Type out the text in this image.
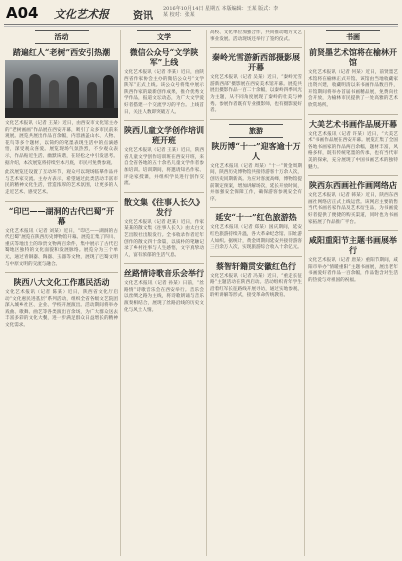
A04 文化艺术报 资讯
2016年10月14日 星期五 本版编辑：王某 版式：李某 校对：张某
活动
踏遍红人“老树”西安引热潮

文化艺术报讯（记者 王某）近日，由西安市文化馆主办的“老树画画”作品展在西安开幕，吸引了众多市民前来观展。展览共展出作品百余幅，内容涵盖山水、人物、花鸟等多个题材，以简约的笔墨表现生活中的点滴感悟，深受观众喜爱。展览现场气氛热烈，不少观众表示，作品贴近生活、幽默诙谐，在轻松之中引发思考。据介绍，本次展览将持续至本月底，市民可免费参观。

此次展览还设置了互动环节，观众可以现场临摹作品并与艺术家交流。主办方表示，希望通过此类活动丰富市民的精神文化生活，营造浓厚的艺术氛围，让更多的人走近艺术、感受艺术。

“印巴——湖洞的古代巴蜀”开幕

文化艺术报讯（记者 刘某）近日，“印巴——湖洞的古代巴蜀”展览在陕西历史博物馆开幕。展览汇集了四川、重庆等地出土的珍贵文物两百余件，集中展示了古代巴蜀地区独特的文化面貌和发展脉络。展览分为三个单元，通过青铜器、陶器、玉器等文物，展现了巴蜀文明与中原文明的交流与融合。

陕西八大文化工作惠民活动

文化艺术报讯（记者 陈某）近日，陕西省文化厅启动“文化惠民进基层”系列活动，组织全省各级文艺院团深入城乡社区、企业、学校开展演出。活动期间将举办戏曲、歌舞、曲艺等各类演出百余场，为广大群众送去丰富多彩的文化大餐，进一步满足群众日益增长的精神文化需求。

文学
微信公众号“文学陕军”上线

文化艺术报讯（记者 李某）近日，由陕西省作家协会主办的微信公众号“文学陕军”正式上线。该公众号将集中展示陕西作家的最新创作成果，推介优秀文学作品，报道文坛动态，为广大文学爱好者搭建一个交流学习的平台。上线首日，关注人数即突破万人。

陕西儿童文学创作培训班开班

文化艺术报讯（记者 王某）近日，陕西省儿童文学创作培训班在西安开班，来自全省各地的五十余名儿童文学作者参加培训。培训期间，将邀请知名作家、评论家授课，并组织学员进行创作交流。

散文集《往事人长久》发行

文化艺术报讯（记者 赵某）近日，作家某某的散文集《往事人长久》由太白文艺出版社出版发行。全书收录作者近年创作的散文四十余篇，以质朴的笔触记录了乡村往事与人生感悟，文字真挚动人，富有浓郁的生活气息。

丝路情诗歌音乐会举行

文化艺术报讯（记者 孙某）日前，“丝路情”诗歌音乐会在西安举行。音乐会以丝绸之路为主线，将诗歌朗诵与音乐演奏相结合，展现了丝路沿线的历史文化与风土人情。

高校、文化单位加强合作，共同推动地方文艺事业发展。活动现场还举行了签约仪式。

秦岭光雪游新西部摄影展开幕

文化艺术报讯（记者 吴某）近日，“秦岭光雪游新西部”摄影展在西安美术馆开幕。展览共展出摄影作品一百二十余幅，以秦岭四季风光为主题，从不同角度展现了秦岭的壮美与神秀。参展作者既有专业摄影师，也有摄影爱好者。

旅游
陕历博“十一”迎客逾十万人

文化艺术报讯（记者 周某）“十一”黄金周期间，陕西历史博物馆共接待游客十万余人次，创历史同期新高。为应对客流高峰，博物馆提前制定预案，增加讲解场次，延长开放时间，并加强安全保障工作，确保游客参观安全有序。

延安“十一”红色旅游热

文化艺术报讯（记者 郑某）国庆期间，延安红色旅游持续升温，各大革命纪念馆、旧址游人如织。据统计，黄金周期间延安共接待游客三百余万人次，实现旅游综合收入十余亿元。

蔡智轩籍贯安徽红色行

文化艺术报讯（记者 冯某）近日，“重走长征路”主题活动在陕西启动。活动组织青年学生沿着红军长征路线开展寻访，通过实地参观、聆听讲解等形式，接受革命传统教育。

书画
前贤墨艺术馆将在榆林开馆

文化艺术报讯（记者 何某）近日，前贤墨艺术馆将在榆林正式开馆。该馆由当地收藏家出资兴建，收藏明清以来书画作品数百件，开馆期间将举办首届书画精品展，免费向社会开放，为榆林市民提供了一处高雅的艺术欣赏场所。

大美艺术书画作品展开幕

文化艺术报讯（记者 许某）近日，“大美艺术”书画作品展在西安开幕。展览汇集了全国各地书画家的作品两百余幅，题材丰富，风格多样，既有传统笔墨的传承，也有当代审美的探索，充分展现了中国书画艺术的独特魅力。

陕西东西画社作画网络店

文化艺术报讯（记者 韩某）近日，陕西东西画社网络店正式上线运营。该网店主要销售当代书画名家作品及艺术衍生品，为书画爱好者提供了便捷的购买渠道，同时也为书画家拓展了作品推广平台。

咸阳重阳节主题书画展举行

文化艺术报讯（记者 唐某）重阳节期间，咸阳市举办“情暖重阳”主题书画展，展出老年书画爱好者作品一百余幅，作品饱含对生活的热爱与对祖国的祝福。
